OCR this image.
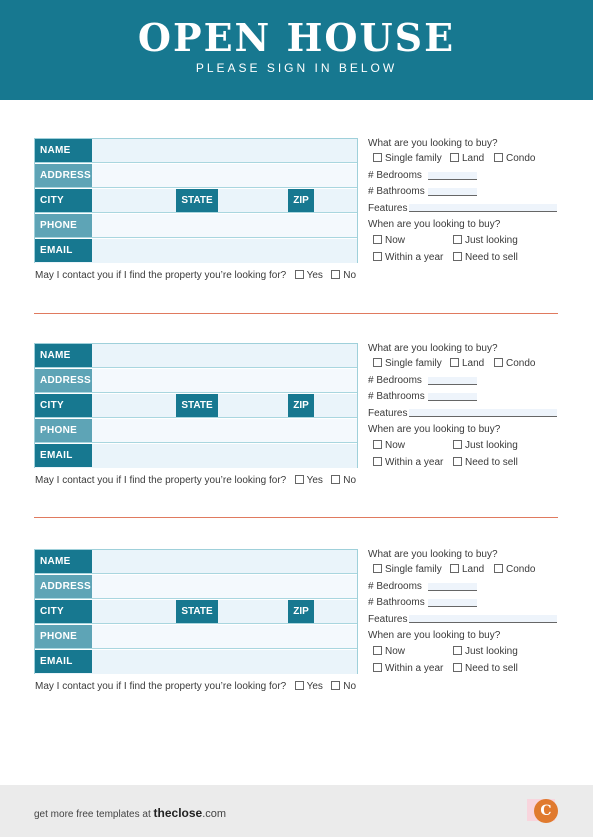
OPEN HOUSE
PLEASE SIGN IN BELOW
NAME
ADDRESS
CITY	STATE	ZIP
PHONE
EMAIL
May I contact you if I find the property you’re looking for? Yes No
What are you looking to buy?
Single family	Land	Condo
# Bedrooms
# Bathrooms
Features
When are you looking to buy?
Now	Just looking
Within a year	Need to sell
NAME
ADDRESS
CITY	STATE	ZIP
PHONE
EMAIL
May I contact you if I find the property you’re looking for? Yes No
What are you looking to buy?
Single family	Land	Condo
# Bedrooms
# Bathrooms
Features
When are you looking to buy?
Now	Just looking
Within a year	Need to sell
NAME
ADDRESS
CITY	STATE	ZIP
PHONE
EMAIL
May I contact you if I find the property you’re looking for? Yes No
What are you looking to buy?
Single family	Land	Condo
# Bedrooms
# Bathrooms
Features
When are you looking to buy?
Now	Just looking
Within a year	Need to sell
get more free templates at theclose.com	C
